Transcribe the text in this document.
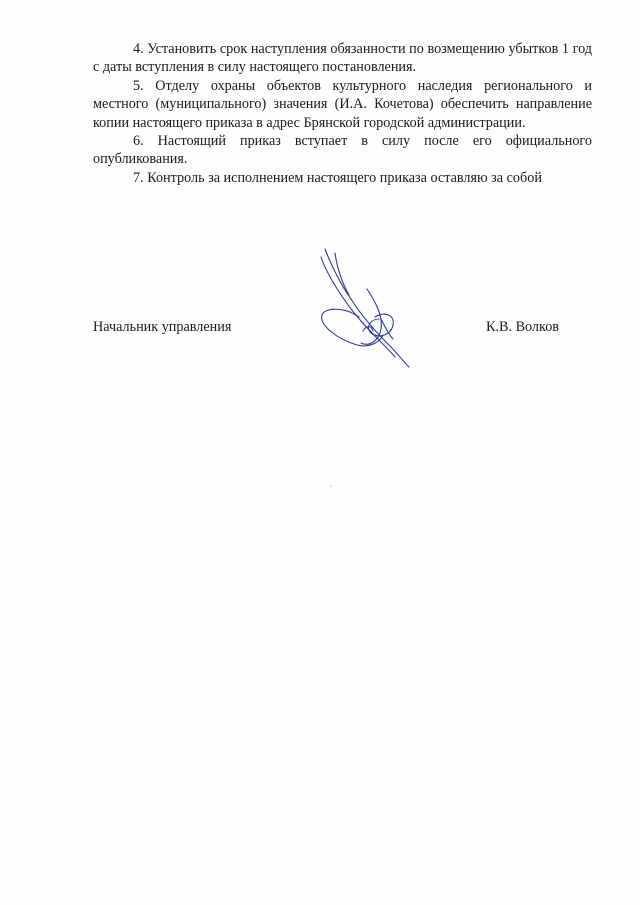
4. Установить срок наступления обязанности по возмещению убытков 1 год с даты вступления в силу настоящего постановления.

5. Отделу охраны объектов культурного наследия регионального и местного (муниципального) значения (И.А. Кочетова) обеспечить направление копии настоящего приказа в адрес Брянской городской администрации.

6. Настоящий приказ вступает в силу после его официального опубликования.

7. Контроль за исполнением настоящего приказа оставляю за собой

Начальник управления	К.В. Волков
